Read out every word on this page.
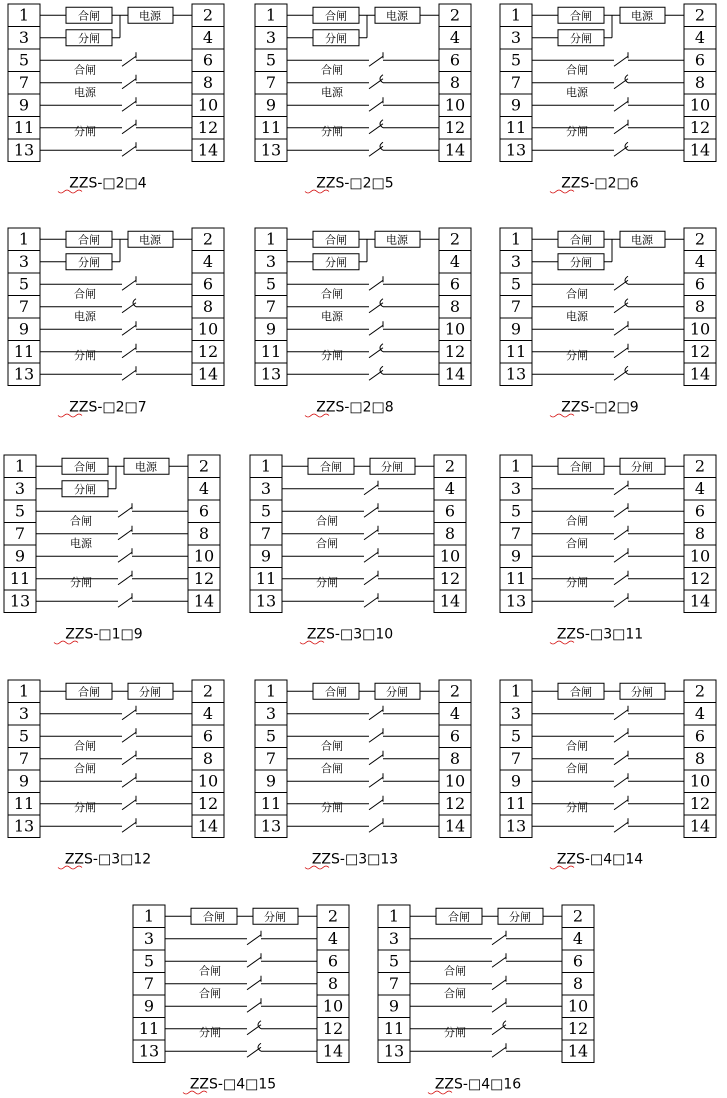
1	2
3	4
5	6
7	8
9	10
11	12
13	14
合闸	电源
分闸
合闸
电源
分闸
ZZS-□2□4
1	2
3	4
5	6
7	8
9	10
11	12
13	14
合闸	电源
分闸
合闸
电源
分闸
ZZS-□2□5
1	2
3	4
5	6
7	8
9	10
11	12
13	14
合闸	电源
分闸
合闸
电源
分闸
ZZS-□2□6
1	2
3	4
5	6
7	8
9	10
11	12
13	14
合闸	电源
分闸
合闸
电源
分闸
ZZS-□2□7
1	2
3	4
5	6
7	8
9	10
11	12
13	14
合闸	电源
分闸
合闸
电源
分闸
ZZS-□2□8
1	2
3	4
5	6
7	8
9	10
11	12
13	14
合闸	电源
分闸
合闸
电源
分闸
ZZS-□2□9
1	2
3	4
5	6
7	8
9	10
11	12
13	14
合闸	电源
分闸
合闸
电源
分闸
ZZS-□1□9
1	2
3	4
5	6
7	8
9	10
11	12
13	14
合闸	分闸
合闸
合闸
分闸
ZZS-□3□10
1	2
3	4
5	6
7	8
9	10
11	12
13	14
合闸	分闸
合闸
合闸
分闸
ZZS-□3□11
1	2
3	4
5	6
7	8
9	10
11	12
13	14
合闸	分闸
合闸
合闸
分闸
ZZS-□3□12
1	2
3	4
5	6
7	8
9	10
11	12
13	14
合闸	分闸
合闸
合闸
分闸
ZZS-□3□13
1	2
3	4
5	6
7	8
9	10
11	12
13	14
合闸	分闸
合闸
合闸
分闸
ZZS-□4□14
1	2
3	4
5	6
7	8
9	10
11	12
13	14
合闸	分闸
合闸
合闸
分闸
ZZS-□4□15
1	2
3	4
5	6
7	8
9	10
11	12
13	14
合闸	分闸
合闸
合闸
分闸
ZZS-□4□16
